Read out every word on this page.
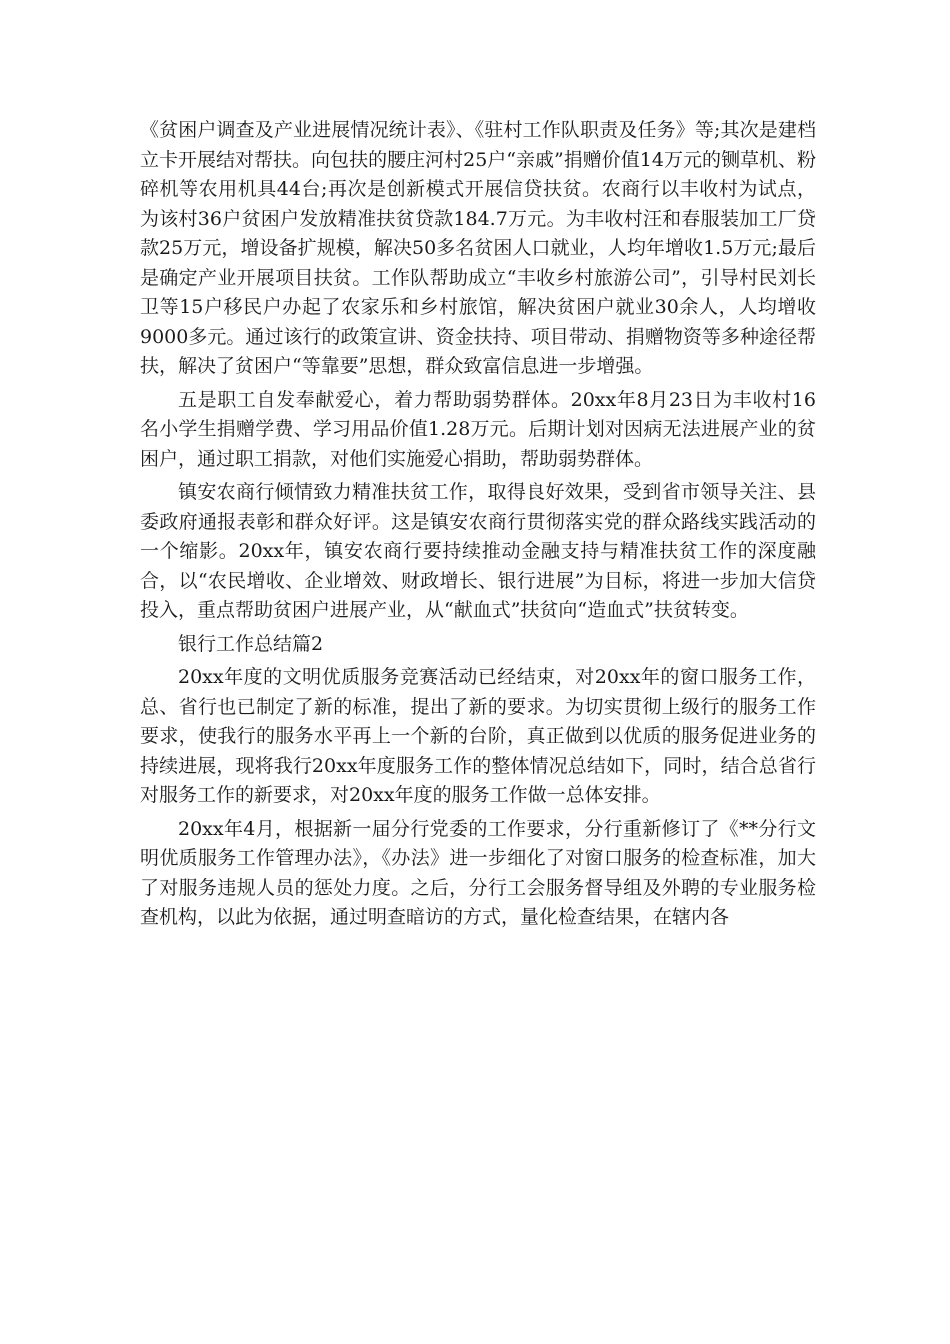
《贫困户调查及产业进展情况统计表》、《驻村工作队职责及任务》等;其次是建档立卡开展结对帮扶。向包扶的腰庄河村25户“亲戚”捐赠价值14万元的铡草机、粉碎机等农用机具44台;再次是创新模式开展信贷扶贫。农商行以丰收村为试点，为该村36户贫困户发放精准扶贫贷款184.7万元。为丰收村汪和春服装加工厂贷款25万元，增设备扩规模，解决50多名贫困人口就业，人均年增收1.5万元;最后是确定产业开展项目扶贫。工作队帮助成立“丰收乡村旅游公司”，引导村民刘长卫等15户移民户办起了农家乐和乡村旅馆，解决贫困户就业30余人，人均增收9000多元。通过该行的政策宣讲、资金扶持、项目带动、捐赠物资等多种途径帮扶，解决了贫困户“等靠要”思想，群众致富信息进一步增强。

五是职工自发奉献爱心，着力帮助弱势群体。20xx年8月23日为丰收村16名小学生捐赠学费、学习用品价值1.28万元。后期计划对因病无法进展产业的贫困户，通过职工捐款，对他们实施爱心捐助，帮助弱势群体。

镇安农商行倾情致力精准扶贫工作，取得良好效果，受到省市领导关注、县委政府通报表彰和群众好评。这是镇安农商行贯彻落实党的群众路线实践活动的一个缩影。20xx年，镇安农商行要持续推动金融支持与精准扶贫工作的深度融合，以“农民增收、企业增效、财政增长、银行进展”为目标，将进一步加大信贷投入，重点帮助贫困户进展产业，从“献血式”扶贫向“造血式”扶贫转变。

银行工作总结篇2

20xx年度的文明优质服务竞赛活动已经结束，对20xx年的窗口服务工作，总、省行也已制定了新的标准，提出了新的要求。为切实贯彻上级行的服务工作要求，使我行的服务水平再上一个新的台阶，真正做到以优质的服务促进业务的持续进展，现将我行20xx年度服务工作的整体情况总结如下，同时，结合总省行对服务工作的新要求，对20xx年度的服务工作做一总体安排。

20xx年4月，根据新一届分行党委的工作要求，分行重新修订了《**分行文明优质服务工作管理办法》，《办法》进一步细化了对窗口服务的检查标准，加大了对服务违规人员的惩处力度。之后，分行工会服务督导组及外聘的专业服务检查机构，以此为依据，通过明查暗访的方式，量化检查结果，在辖内各
